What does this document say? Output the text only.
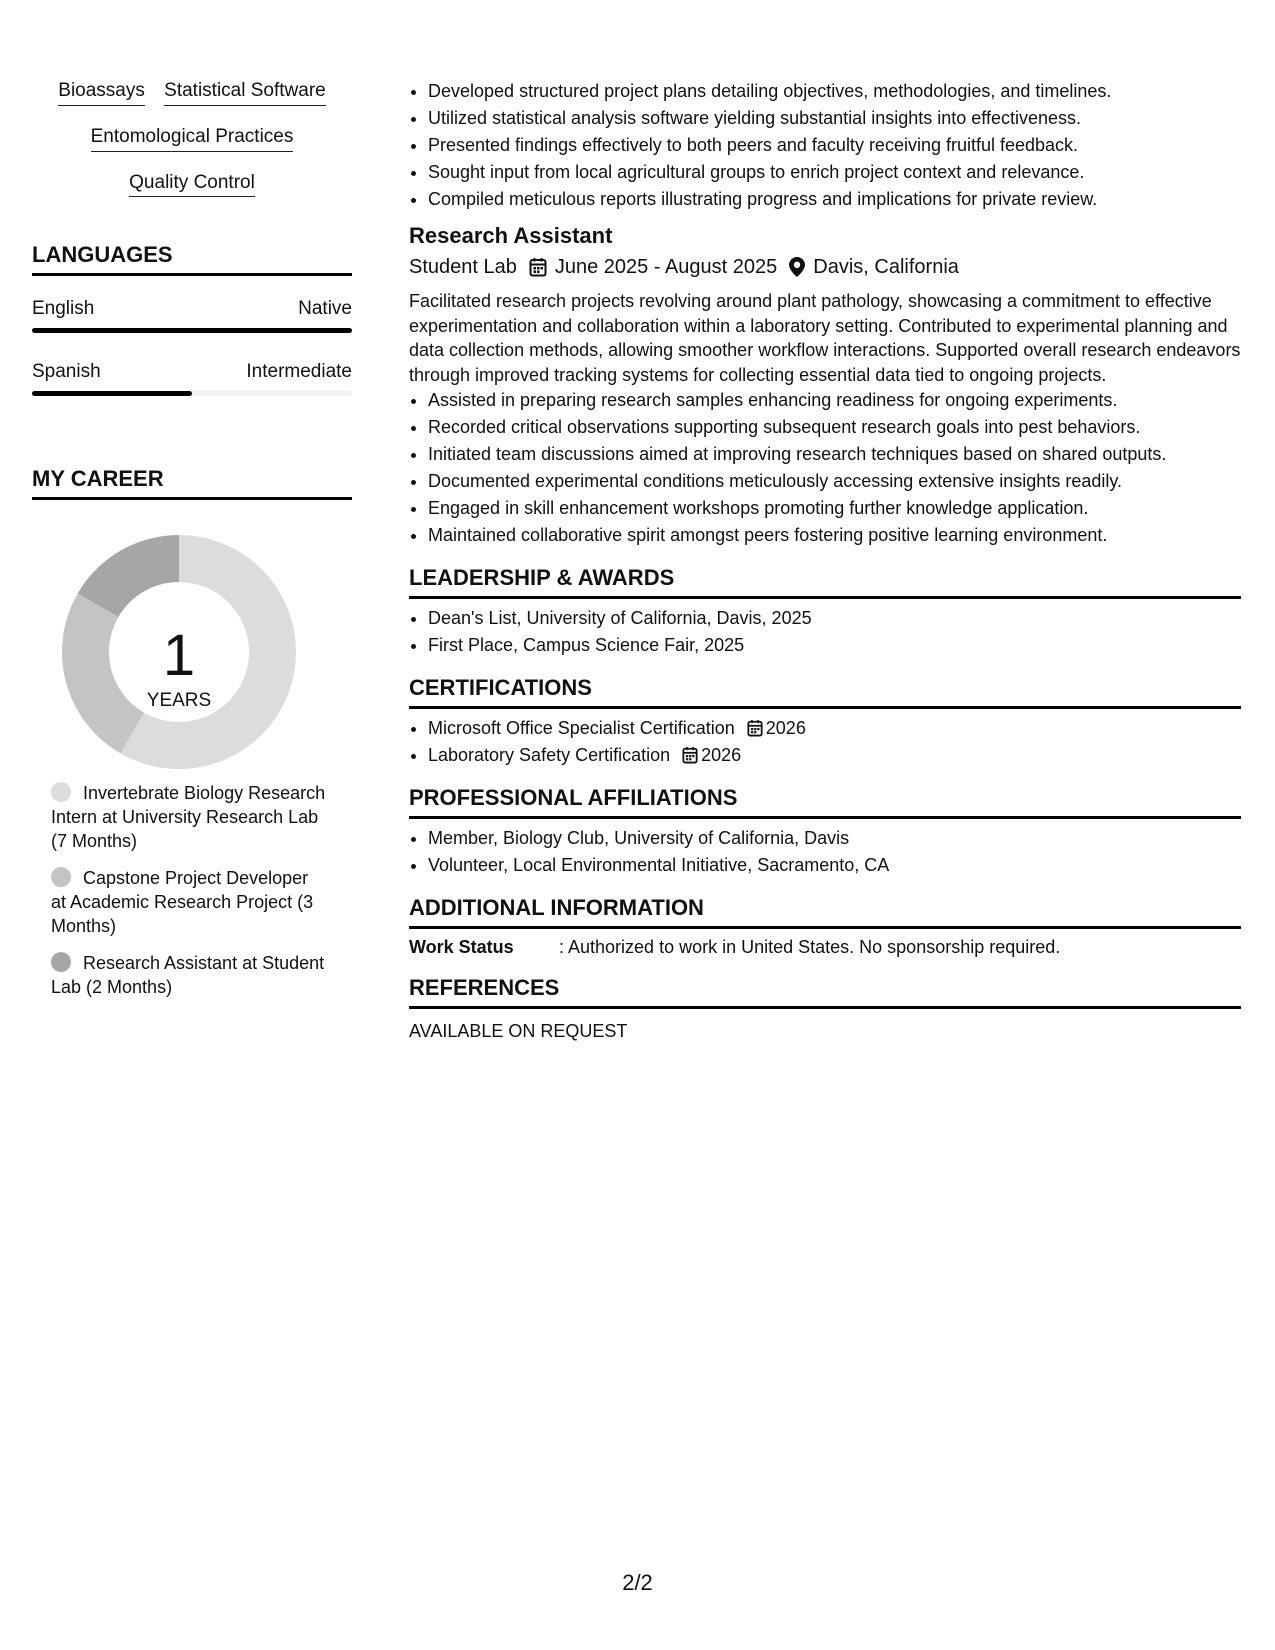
Bioassays Statistical Software
Entomological Practices
Quality Control
LANGUAGES
English	Native
Spanish	Intermediate
MY CAREER
1
YEARS
Invertebrate Biology Research Intern at University Research Lab (7 Months)
Capstone Project Developer at Academic Research Project (3 Months)
Research Assistant at Student Lab (2 Months)
• Developed structured project plans detailing objectives, methodologies, and timelines.
• Utilized statistical analysis software yielding substantial insights into effectiveness.
• Presented findings effectively to both peers and faculty receiving fruitful feedback.
• Sought input from local agricultural groups to enrich project context and relevance.
• Compiled meticulous reports illustrating progress and implications for private review.
Research Assistant
Student Lab June 2025 - August 2025 Davis, California
Facilitated research projects revolving around plant pathology, showcasing a commitment to effective experimentation and collaboration within a laboratory setting. Contributed to experimental planning and data collection methods, allowing smoother workflow interactions. Supported overall research endeavors through improved tracking systems for collecting essential data tied to ongoing projects.
• Assisted in preparing research samples enhancing readiness for ongoing experiments.
• Recorded critical observations supporting subsequent research goals into pest behaviors.
• Initiated team discussions aimed at improving research techniques based on shared outputs.
• Documented experimental conditions meticulously accessing extensive insights readily.
• Engaged in skill enhancement workshops promoting further knowledge application.
• Maintained collaborative spirit amongst peers fostering positive learning environment.
LEADERSHIP & AWARDS
• Dean's List, University of California, Davis, 2025
• First Place, Campus Science Fair, 2025
CERTIFICATIONS
• Microsoft Office Specialist Certification 2026
• Laboratory Safety Certification 2026
PROFESSIONAL AFFILIATIONS
• Member, Biology Club, University of California, Davis
• Volunteer, Local Environmental Initiative, Sacramento, CA
ADDITIONAL INFORMATION
Work Status	: Authorized to work in United States. No sponsorship required.
REFERENCES
AVAILABLE ON REQUEST
2/2
